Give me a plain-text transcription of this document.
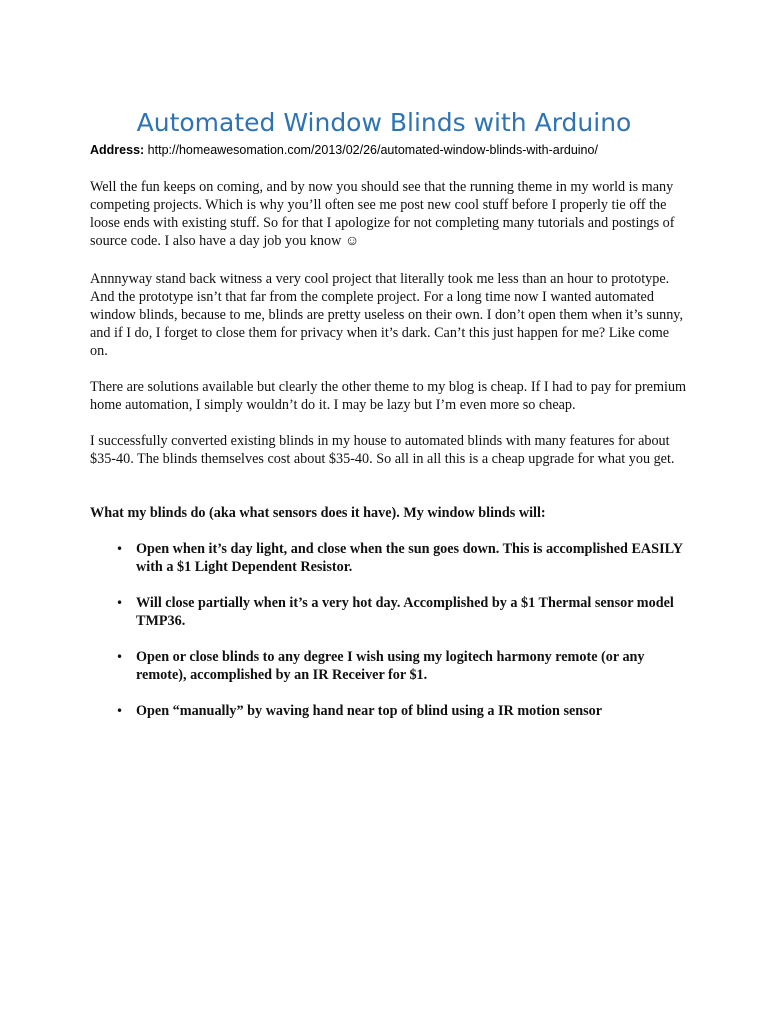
Automated Window Blinds with Arduino
Address: http://homeawesomation.com/2013/02/26/automated-window-blinds-with-arduino/

Well the fun keeps on coming, and by now you should see that the running theme in my world is many competing projects. Which is why you’ll often see me post new cool stuff before I properly tie off the loose ends with existing stuff. So for that I apologize for not completing many tutorials and postings of source code. I also have a day job you know ☺

Annnyway stand back witness a very cool project that literally took me less than an hour to prototype. And the prototype isn’t that far from the complete project. For a long time now I wanted automated window blinds, because to me, blinds are pretty useless on their own. I don’t open them when it’s sunny, and if I do, I forget to close them for privacy when it’s dark. Can’t this just happen for me? Like come on.

There are solutions available but clearly the other theme to my blog is cheap. If I had to pay for premium home automation, I simply wouldn’t do it. I may be lazy but I’m even more so cheap.

I successfully converted existing blinds in my house to automated blinds with many features for about $35-40. The blinds themselves cost about $35-40. So all in all this is a cheap upgrade for what you get.

What my blinds do (aka what sensors does it have). My window blinds will:

• Open when it’s day light, and close when the sun goes down. This is accomplished EASILY with a $1 Light Dependent Resistor.
• Will close partially when it’s a very hot day. Accomplished by a $1 Thermal sensor model TMP36.
• Open or close blinds to any degree I wish using my logitech harmony remote (or any remote), accomplished by an IR Receiver for $1.
• Open “manually” by waving hand near top of blind using a IR motion sensor
